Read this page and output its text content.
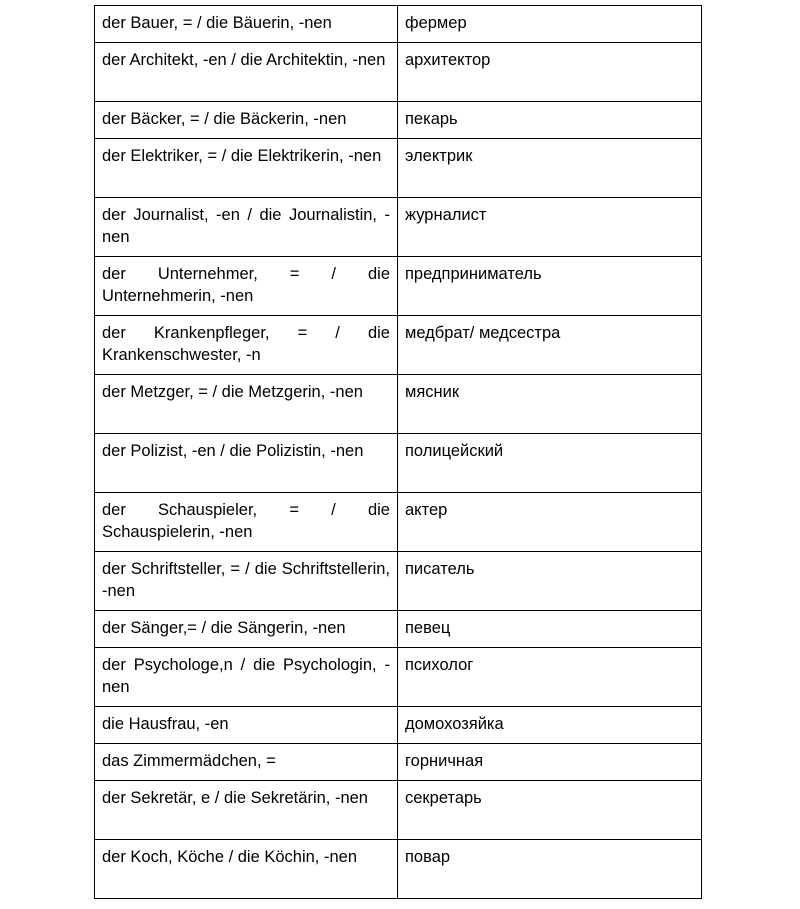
der Bauer, = / die Bäuerin, -nen	фермер
der Architekt, -en / die Architektin, -nen	архитектор
der Bäcker, = / die Bäckerin, -nen	пекарь
der Elektriker, = / die Elektrikerin, -nen	электрик
der Journalist, -en / die Journalistin, -nen	журналист
der Unternehmer, = / die Unternehmerin, -nen	предприниматель
der Krankenpfleger, = / die Krankenschwester, -n	медбрат/ медсестра
der Metzger, = / die Metzgerin, -nen	мясник
der Polizist, -en / die Polizistin, -nen	полицейский
der Schauspieler, = / die Schauspielerin, -nen	актер
der Schriftsteller, = / die Schriftstellerin, -nen	писатель
der Sänger,= / die Sängerin, -nen	певец
der Psychologe,n / die Psychologin, -nen	психолог
die Hausfrau, -en	домохозяйка
das Zimmermädchen, =	горничная
der Sekretär, e / die Sekretärin, -nen	секретарь
der Koch, Köche / die Köchin, -nen	повар
